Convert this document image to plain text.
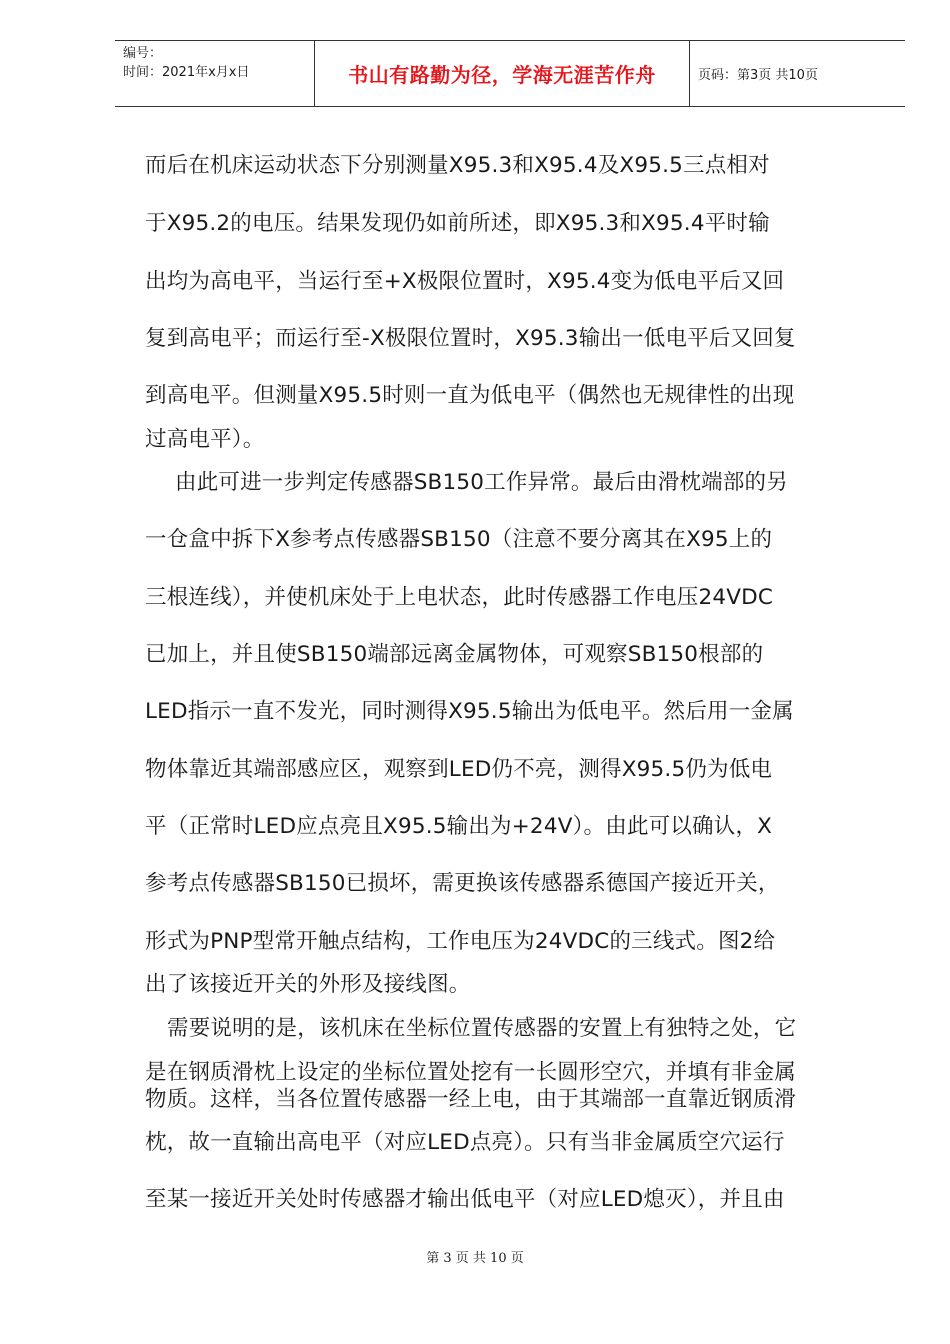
编号：
时间：2021年x月x日	书山有路勤为径，学海无涯苦作舟	页码：第3页 共10页
而后在机床运动状态下分别测量X95.3和X95.4及X95.5三点相对
于X95.2的电压。结果发现仍如前所述，即X95.3和X95.4平时输
出均为高电平，当运行至+X极限位置时，X95.4变为低电平后又回
复到高电平；而运行至-X极限位置时，X95.3输出一低电平后又回复
到高电平。但测量X95.5时则一直为低电平（偶然也无规律性的出现
过高电平）。
由此可进一步判定传感器SB150工作异常。最后由滑枕端部的另
一仓盒中拆下X参考点传感器SB150（注意不要分离其在X95上的
三根连线），并使机床处于上电状态，此时传感器工作电压24VDC
已加上，并且使SB150端部远离金属物体，可观察SB150根部的
LED指示一直不发光，同时测得X95.5输出为低电平。然后用一金属
物体靠近其端部感应区，观察到LED仍不亮，测得X95.5仍为低电
平（正常时LED应点亮且X95.5输出为+24V）。由此可以确认，X
参考点传感器SB150已损坏，需更换该传感器系德国产接近开关，
形式为PNP型常开触点结构，工作电压为24VDC的三线式。图2给
出了该接近开关的外形及接线图。
需要说明的是，该机床在坐标位置传感器的安置上有独特之处，它
是在钢质滑枕上设定的坐标位置处挖有一长圆形空穴，并填有非金属
物质。这样，当各位置传感器一经上电，由于其端部一直靠近钢质滑
枕，故一直输出高电平（对应LED点亮）。只有当非金属质空穴运行
至某一接近开关处时传感器才输出低电平（对应LED熄灭），并且由
第 3 页 共 10 页
